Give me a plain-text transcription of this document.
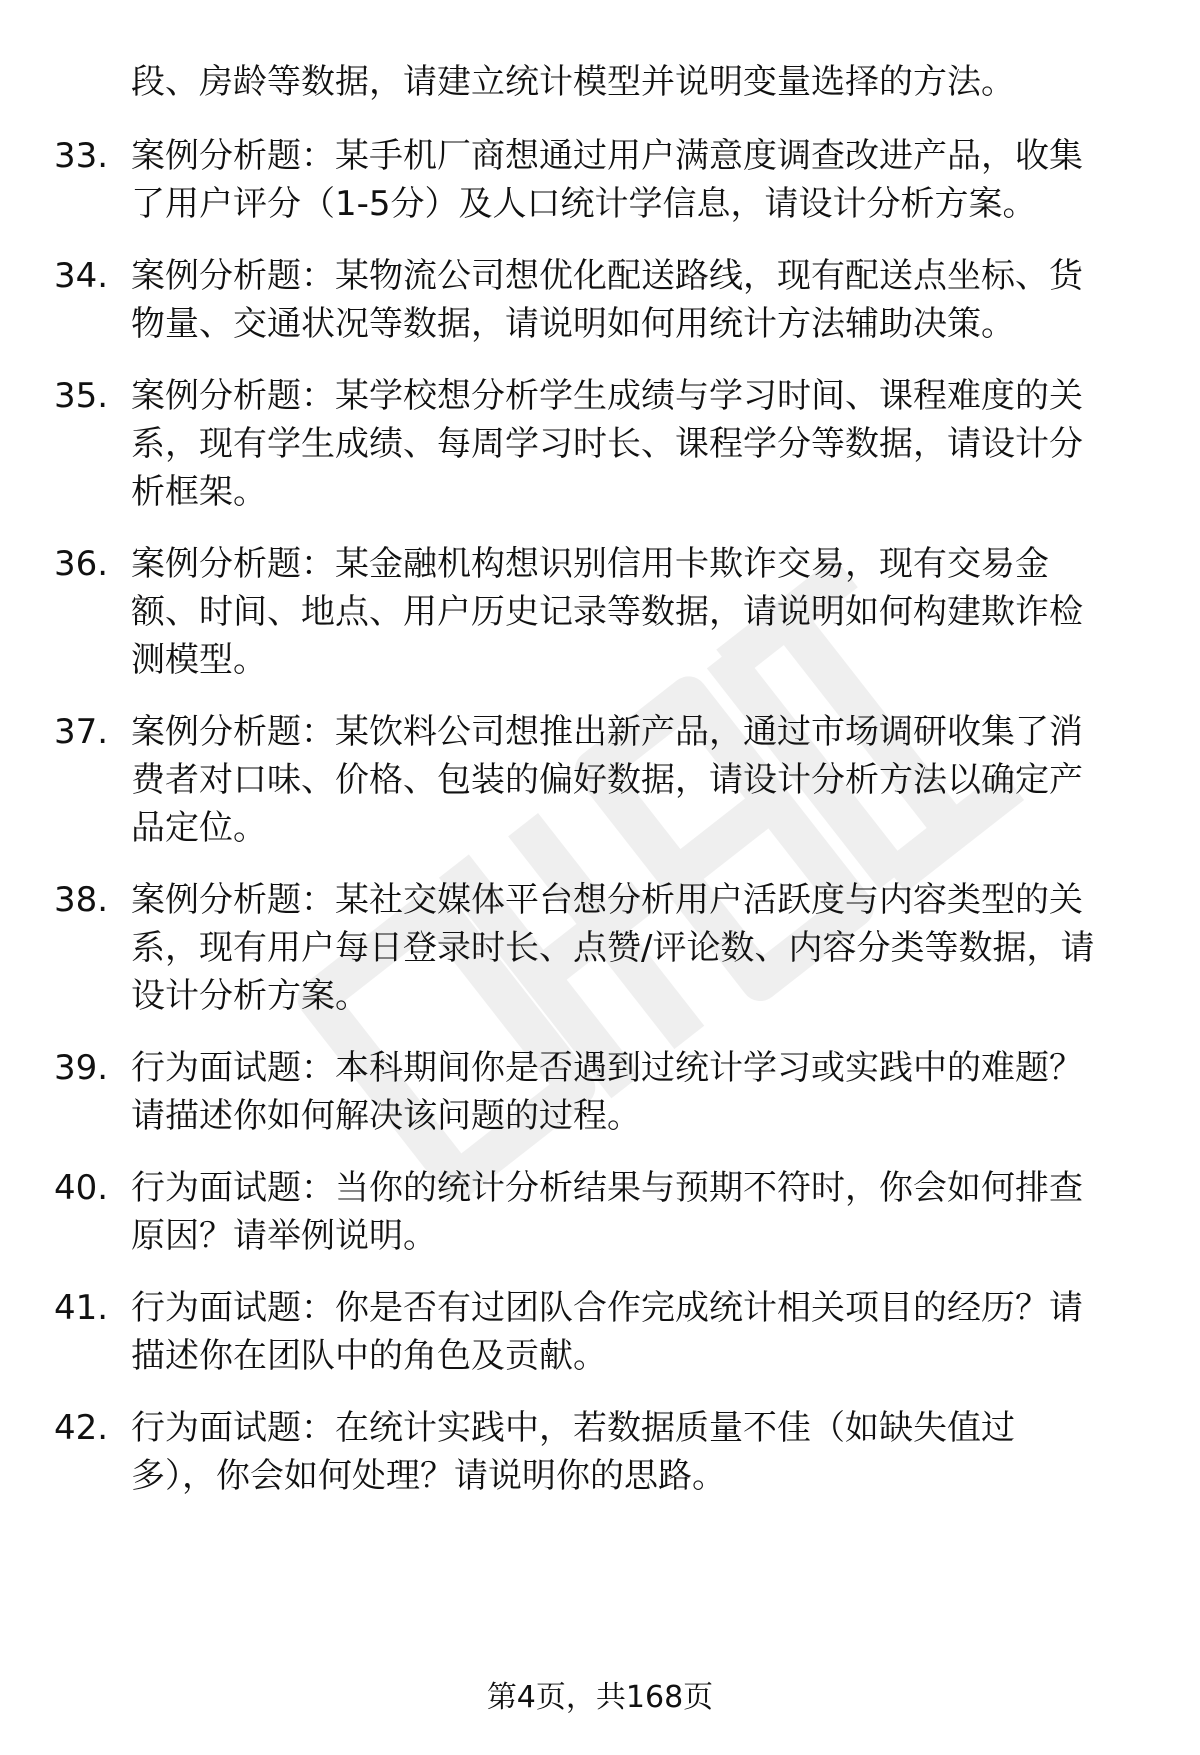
段、房龄等数据，请建立统计模型并说明变量选择的方法。
33. 案例分析题：某手机厂商想通过用户满意度调查改进产品，收集
了用户评分（1-5分）及人口统计学信息，请设计分析方案。
34. 案例分析题：某物流公司想优化配送路线，现有配送点坐标、货
物量、交通状况等数据，请说明如何用统计方法辅助决策。
35. 案例分析题：某学校想分析学生成绩与学习时间、课程难度的关
系，现有学生成绩、每周学习时长、课程学分等数据，请设计分
析框架。
36. 案例分析题：某金融机构想识别信用卡欺诈交易，现有交易金
额、时间、地点、用户历史记录等数据，请说明如何构建欺诈检
测模型。
37. 案例分析题：某饮料公司想推出新产品，通过市场调研收集了消
费者对口味、价格、包装的偏好数据，请设计分析方法以确定产
品定位。
38. 案例分析题：某社交媒体平台想分析用户活跃度与内容类型的关
系，现有用户每日登录时长、点赞/评论数、内容分类等数据，请
设计分析方案。
39. 行为面试题：本科期间你是否遇到过统计学习或实践中的难题？
请描述你如何解决该问题的过程。
40. 行为面试题：当你的统计分析结果与预期不符时，你会如何排查
原因？请举例说明。
41. 行为面试题：你是否有过团队合作完成统计相关项目的经历？请
描述你在团队中的角色及贡献。
42. 行为面试题：在统计实践中，若数据质量不佳（如缺失值过
多），你会如何处理？请说明你的思路。
第4页，共168页
